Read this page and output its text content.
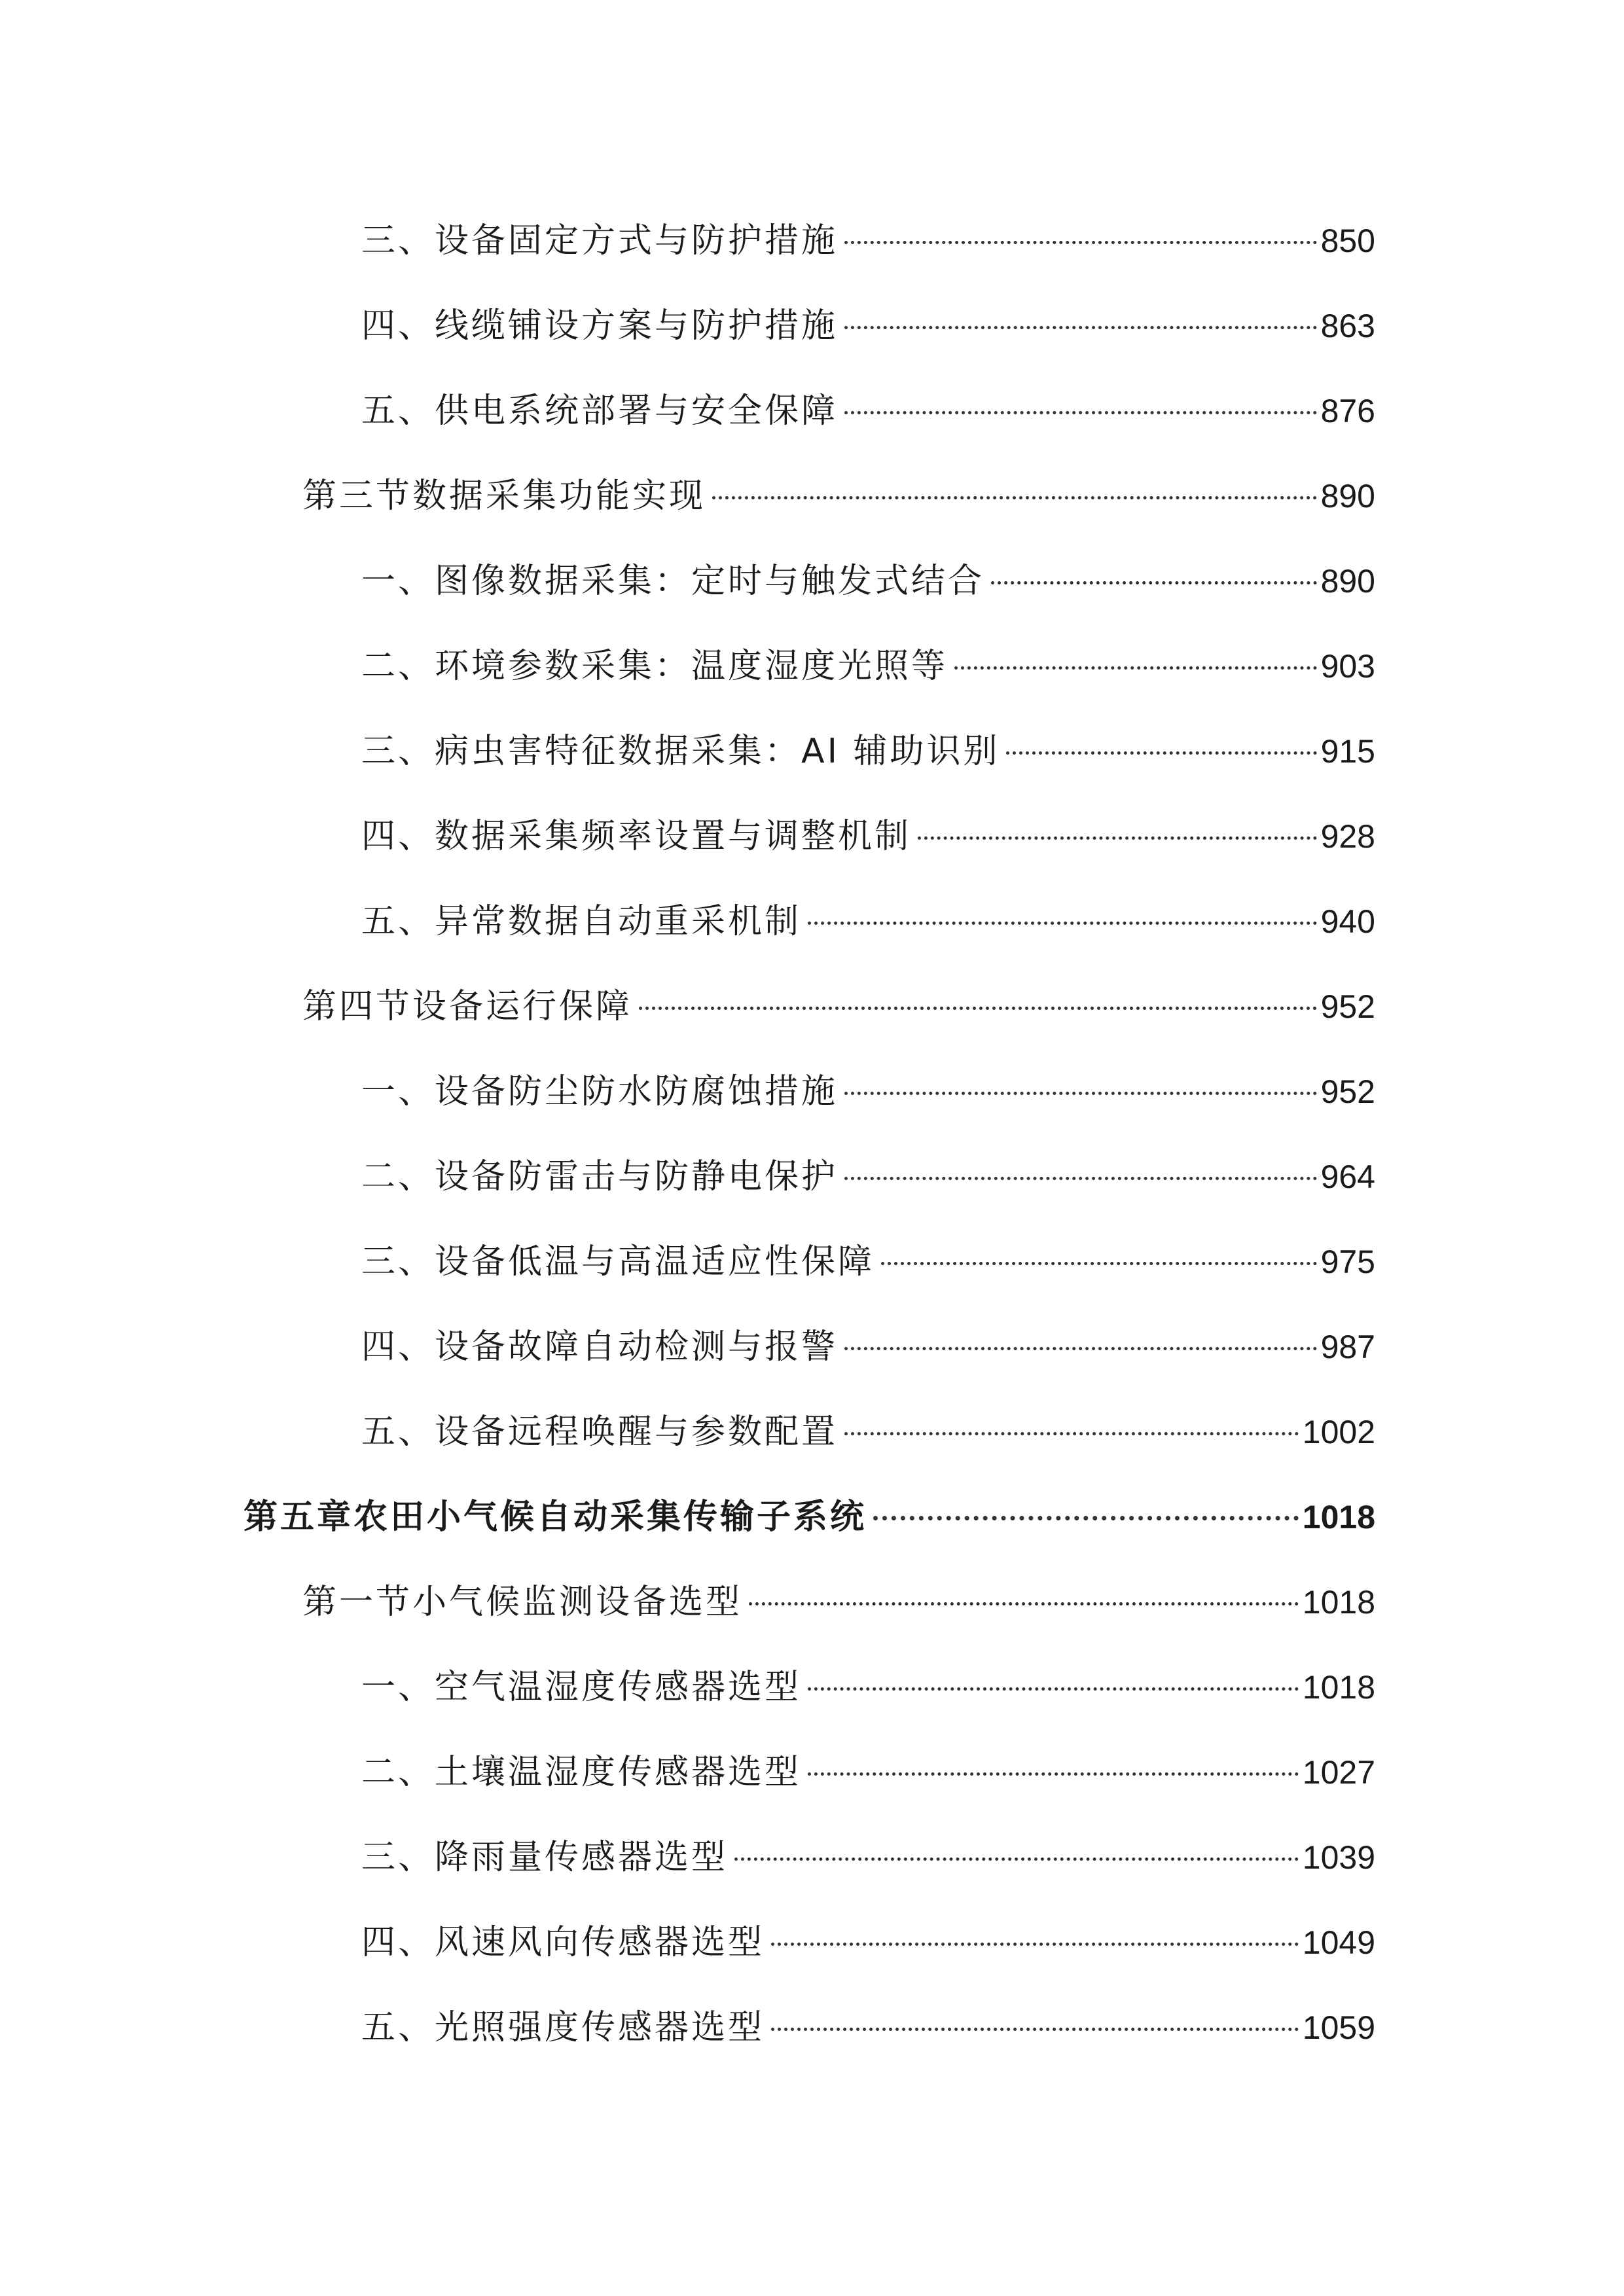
三、设备固定方式与防护措施	850
四、线缆铺设方案与防护措施	863
五、供电系统部署与安全保障	876
第三节数据采集功能实现	890
一、图像数据采集：定时与触发式结合	890
二、环境参数采集：温度湿度光照等	903
三、病虫害特征数据采集：AI 辅助识别	915
四、数据采集频率设置与调整机制	928
五、异常数据自动重采机制	940
第四节设备运行保障	952
一、设备防尘防水防腐蚀措施	952
二、设备防雷击与防静电保护	964
三、设备低温与高温适应性保障	975
四、设备故障自动检测与报警	987
五、设备远程唤醒与参数配置	1002
第五章农田小气候自动采集传输子系统	1018
第一节小气候监测设备选型	1018
一、空气温湿度传感器选型	1018
二、土壤温湿度传感器选型	1027
三、降雨量传感器选型	1039
四、风速风向传感器选型	1049
五、光照强度传感器选型	1059
